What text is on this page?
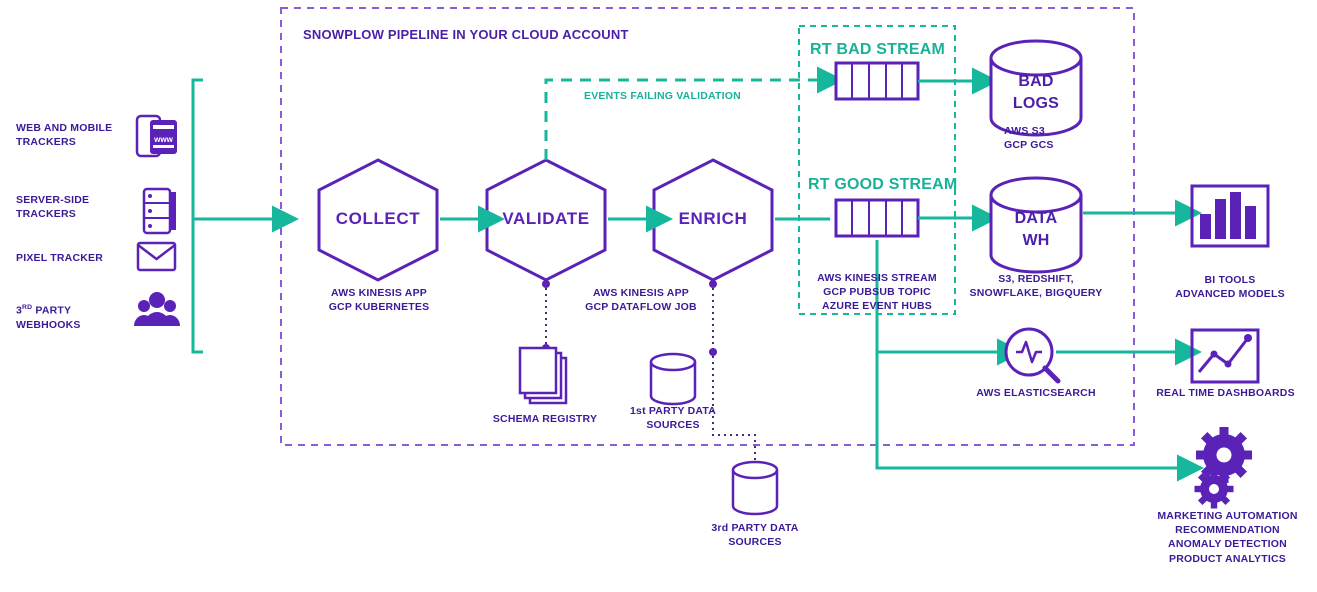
www
SNOWPLOW PIPELINE IN YOUR CLOUD ACCOUNT
WEB AND MOBILE
TRACKERS
SERVER-SIDE
TRACKERS
PIXEL TRACKER
3RD PARTY
WEBHOOKS
COLLECT	VALIDATE	ENRICH
AWS KINESIS APP
GCP KUBERNETES
AWS KINESIS APP
GCP DATAFLOW JOB
EVENTS FAILING VALIDATION
RT BAD STREAM
RT GOOD STREAM
AWS KINESIS STREAM
GCP PUBSUB TOPIC
AZURE EVENT HUBS
BAD
LOGS
AWS S3
GCP GCS
DATA
WH
S3, REDSHIFT,
SNOWFLAKE, BIGQUERY
SCHEMA REGISTRY
1st PARTY DATA
SOURCES
3rd PARTY DATA
SOURCES
BI TOOLS
ADVANCED MODELS
REAL TIME DASHBOARDS
MARKETING AUTOMATION
RECOMMENDATION
ANOMALY DETECTION
PRODUCT ANALYTICS
AWS ELASTICSEARCH
